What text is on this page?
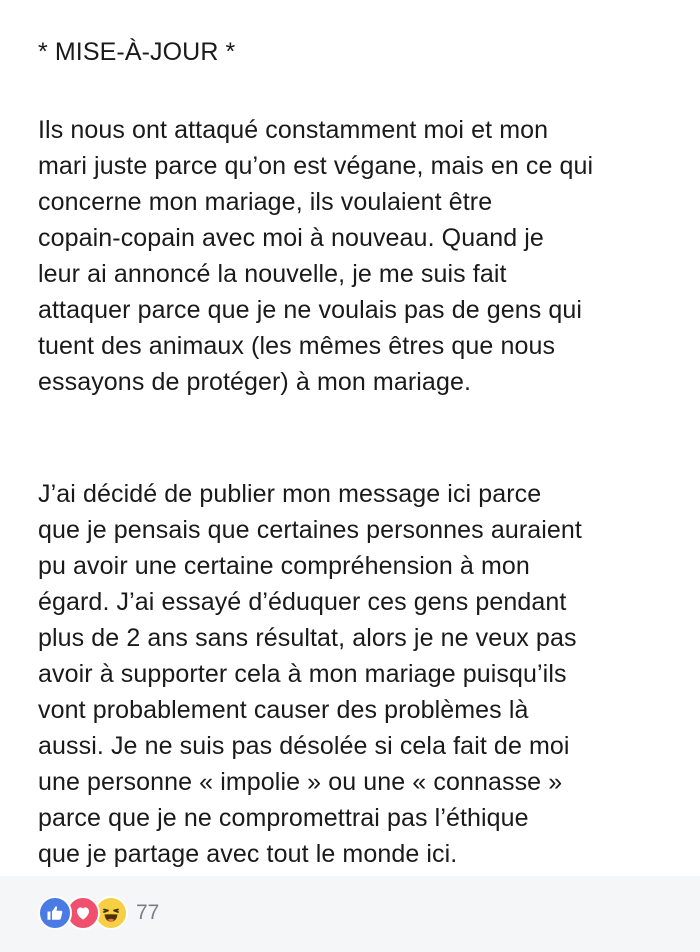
* MISE-À-JOUR *

Ils nous ont attaqué constamment moi et mon
mari juste parce qu’on est végane, mais en ce qui
concerne mon mariage, ils voulaient être
copain-copain avec moi à nouveau. Quand je
leur ai annoncé la nouvelle, je me suis fait
attaquer parce que je ne voulais pas de gens qui
tuent des animaux (les mêmes êtres que nous
essayons de protéger) à mon mariage.

J’ai décidé de publier mon message ici parce
que je pensais que certaines personnes auraient
pu avoir une certaine compréhension à mon
égard. J’ai essayé d’éduquer ces gens pendant
plus de 2 ans sans résultat, alors je ne veux pas
avoir à supporter cela à mon mariage puisqu’ils
vont probablement causer des problèmes là
aussi. Je ne suis pas désolée si cela fait de moi
une personne « impolie » ou une « connasse »
parce que je ne compromettrai pas l’éthique
que je partage avec tout le monde ici.

77
